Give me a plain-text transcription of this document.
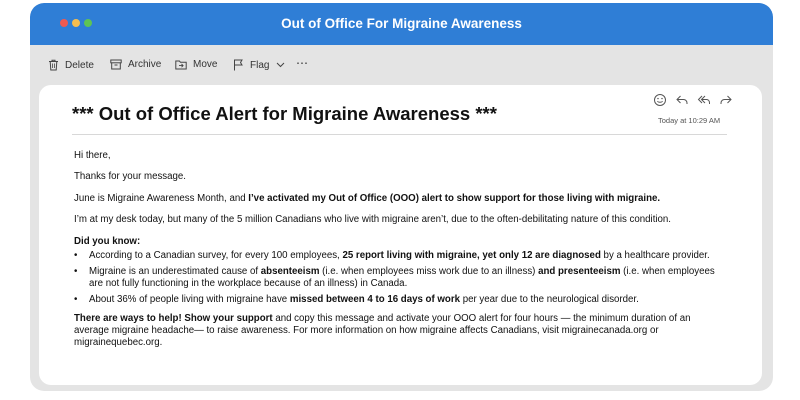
Out of Office For Migraine Awareness
Delete	Archive	Move	Flag ⋯
*** Out of Office Alert for Migraine Awareness ***	Today at 10:29 AM

Hi there,

Thanks for your message.

June is Migraine Awareness Month, and I’ve activated my Out of Office (OOO) alert to show support for those living with migraine.

I’m at my desk today, but many of the 5 million Canadians who live with migraine aren’t, due to the often-debilitating nature of this condition.

Did you know:

• According to a Canadian survey, for every 100 employees, 25 report living with migraine, yet only 12 are diagnosed by a healthcare provider.
• Migraine is an underestimated cause of absenteeism (i.e. when employees miss work due to an illness) and presenteeism (i.e. when employees are not fully functioning in the workplace because of an illness) in Canada.
• About 36% of people living with migraine have missed between 4 to 16 days of work per year due to the neurological disorder.

There are ways to help! Show your support and copy this message and activate your OOO alert for four hours — the minimum duration of an average migraine headache— to raise awareness. For more information on how migraine affects Canadians, visit migrainecanada.org or migrainequebec.org.
